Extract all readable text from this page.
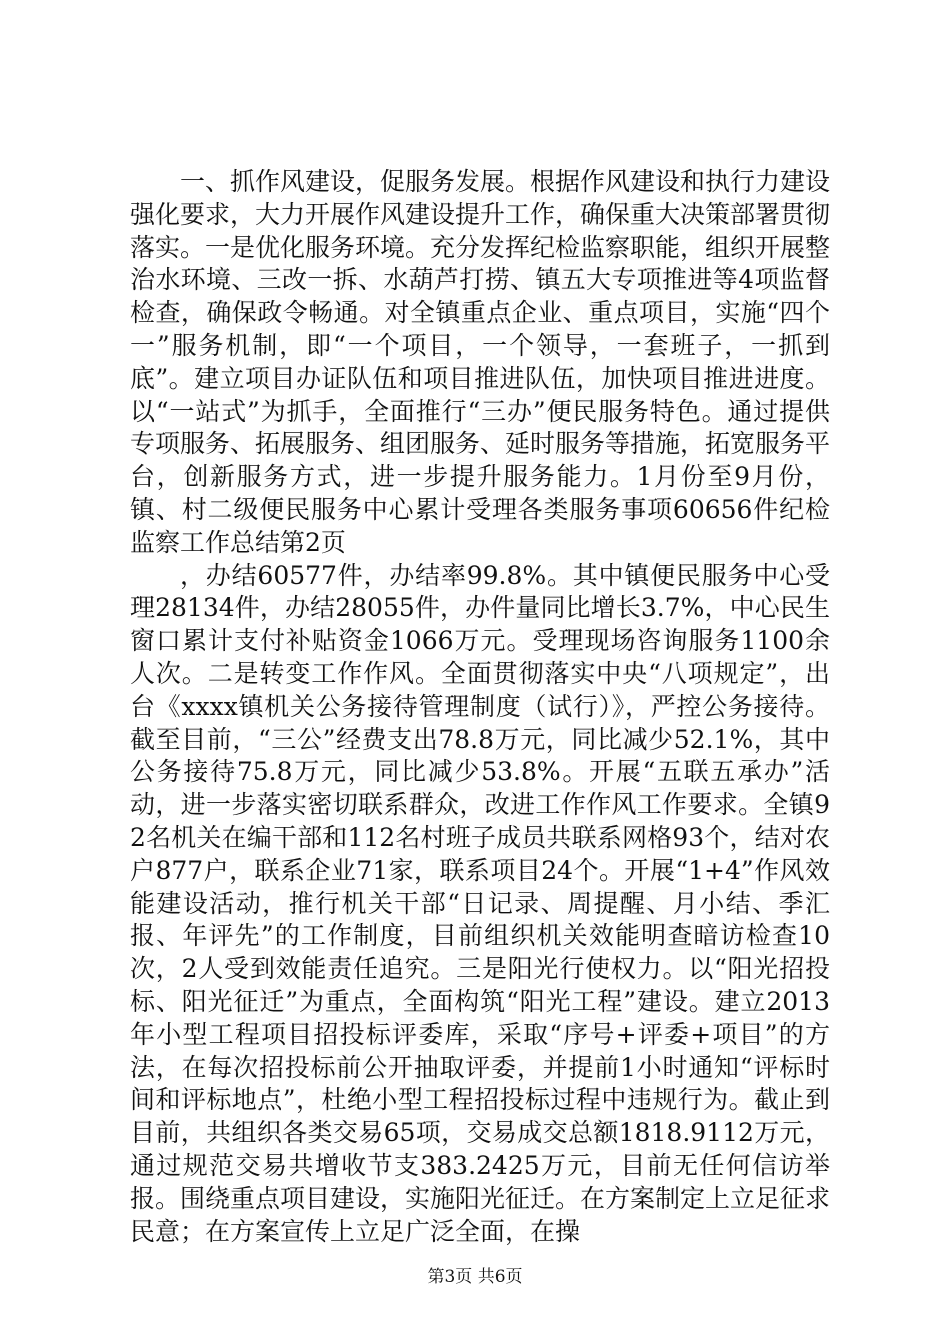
一、抓作风建设，促服务发展。根据作风建设和执行力建设强化要求，大力开展作风建设提升工作，确保重大决策部署贯彻落实。一是优化服务环境。充分发挥纪检监察职能，组织开展整治水环境、三改一拆、水葫芦打捞、镇五大专项推进等4项监督检查，确保政令畅通。对全镇重点企业、重点项目，实施“四个一”服务机制，即“一个项目，一个领导，一套班子，一抓到底”。建立项目办证队伍和项目推进队伍，加快项目推进进度。以“一站式”为抓手，全面推行“三办”便民服务特色。通过提供专项服务、拓展服务、组团服务、延时服务等措施，拓宽服务平台，创新服务方式，进一步提升服务能力。1月份至9月份，镇、村二级便民服务中心累计受理各类服务事项60656件纪检监察工作总结第2页

，办结60577件，办结率99.8%。其中镇便民服务中心受理28134件，办结28055件，办件量同比增长3.7%，中心民生窗口累计支付补贴资金1066万元。受理现场咨询服务1100余人次。二是转变工作作风。全面贯彻落实中央“八项规定”，出台《xxxx镇机关公务接待管理制度（试行）》，严控公务接待。截至目前，“三公”经费支出78.8万元，同比减少52.1%，其中公务接待75.8万元，同比减少53.8%。开展“五联五承办”活动，进一步落实密切联系群众，改进工作作风工作要求。全镇92名机关在编干部和112名村班子成员共联系网格93个，结对农户877户，联系企业71家，联系项目24个。开展“1+4”作风效能建设活动，推行机关干部“日记录、周提醒、月小结、季汇报、年评先”的工作制度，目前组织机关效能明查暗访检查10次，2人受到效能责任追究。三是阳光行使权力。以“阳光招投标、阳光征迁”为重点，全面构筑“阳光工程”建设。建立2013年小型工程项目招投标评委库，采取“序号+评委+项目”的方法，在每次招投标前公开抽取评委，并提前1小时通知“评标时间和评标地点”，杜绝小型工程招投标过程中违规行为。截止到目前，共组织各类交易65项，交易成交总额1818.9112万元，通过规范交易共增收节支383.2425万元，目前无任何信访举报。围绕重点项目建设，实施阳光征迁。在方案制定上立足征求民意；在方案宣传上立足广泛全面，在操

第3页 共6页
